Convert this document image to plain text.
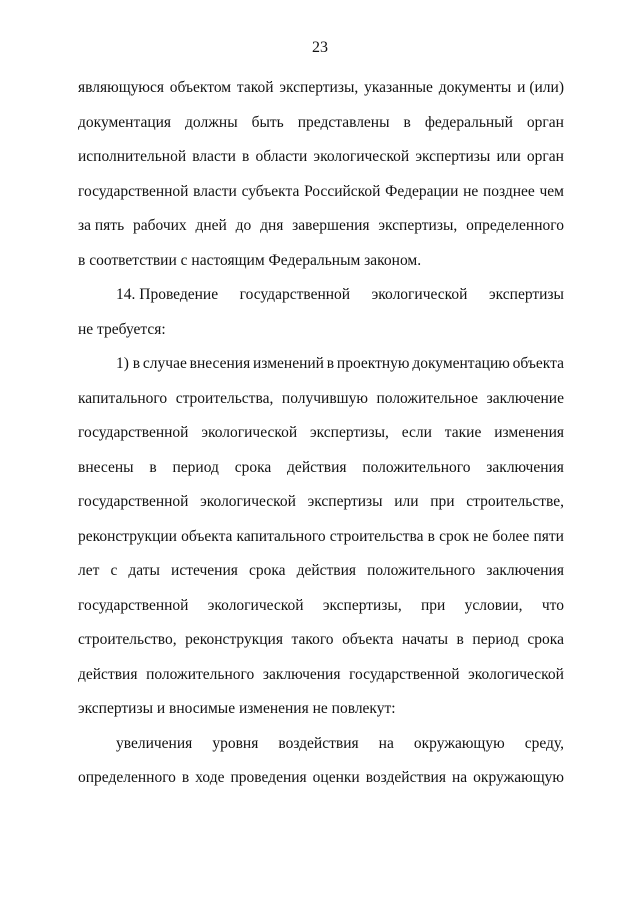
23
являющуюся объектом такой экспертизы, указанные документы и (или)
документация должны быть представлены в федеральный орган
исполнительной власти в области экологической экспертизы или орган
государственной власти субъекта Российской Федерации не позднее чем
за пять рабочих дней до дня завершения экспертизы, определенного
в соответствии с настоящим Федеральным законом.
14. Проведение государственной экологической экспертизы
не требуется:
1) в случае внесения изменений в проектную документацию объекта
капитального строительства, получившую положительное заключение
государственной экологической экспертизы, если такие изменения
внесены в период срока действия положительного заключения
государственной экологической экспертизы или при строительстве,
реконструкции объекта капитального строительства в срок не более пяти
лет с даты истечения срока действия положительного заключения
государственной экологической экспертизы, при условии, что
строительство, реконструкция такого объекта начаты в период срока
действия положительного заключения государственной экологической
экспертизы и вносимые изменения не повлекут:
увеличения уровня воздействия на окружающую среду,
определенного в ходе проведения оценки воздействия на окружающую
